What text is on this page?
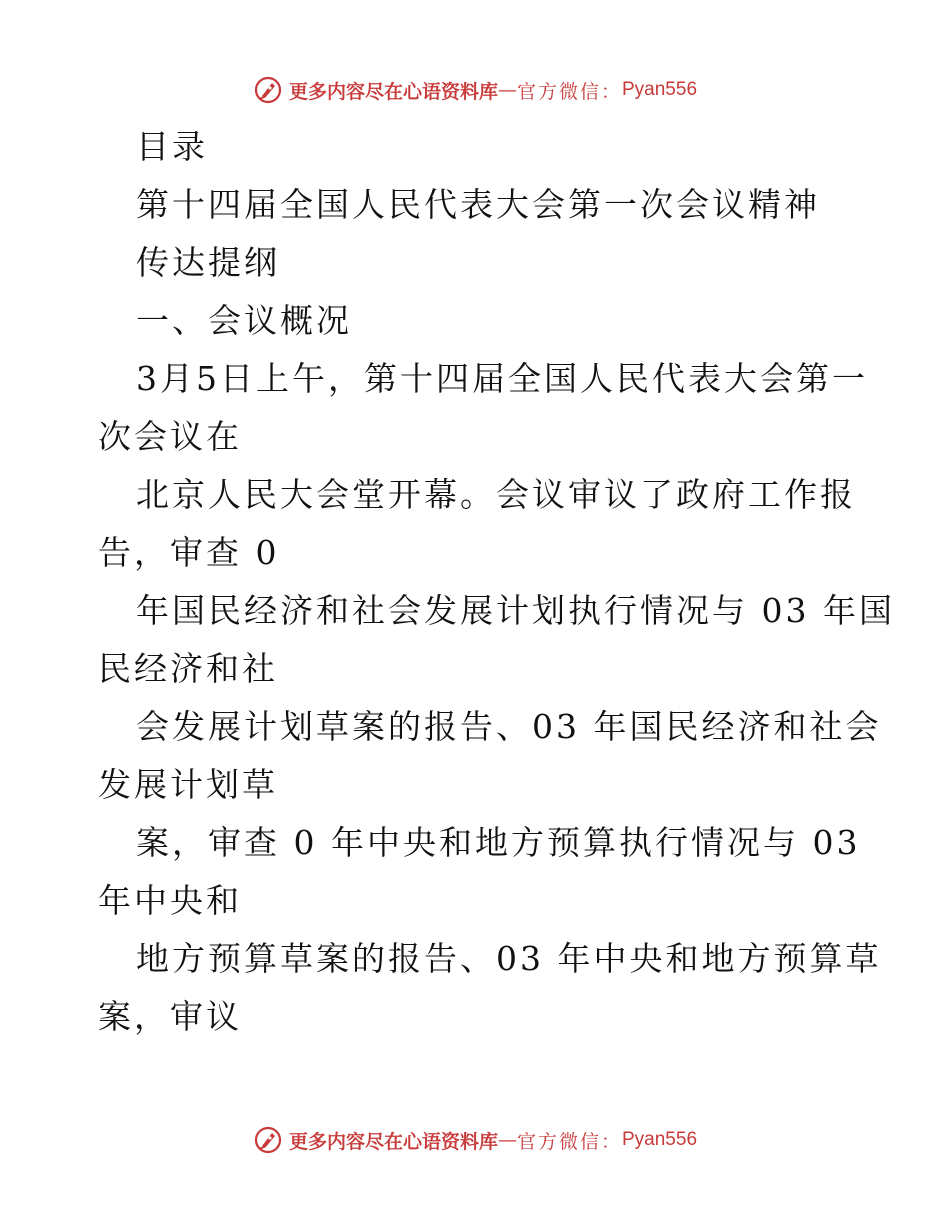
更多内容尽在心语资料库 — 官方微信： Pyan556
目录
第十四届全国人民代表大会第一次会议精神
传达提纲
一、会议概况
3月5日上午，第十四届全国人民代表大会第一
次会议在
北京人民大会堂开幕。会议审议了政府工作报
告，审查 0
年国民经济和社会发展计划执行情况与 03 年国
民经济和社
会发展计划草案的报告、03 年国民经济和社会
发展计划草
案，审查 0 年中央和地方预算执行情况与 03
年中央和
地方预算草案的报告、03 年中央和地方预算草
案，审议
更多内容尽在心语资料库 — 官方微信： Pyan556
